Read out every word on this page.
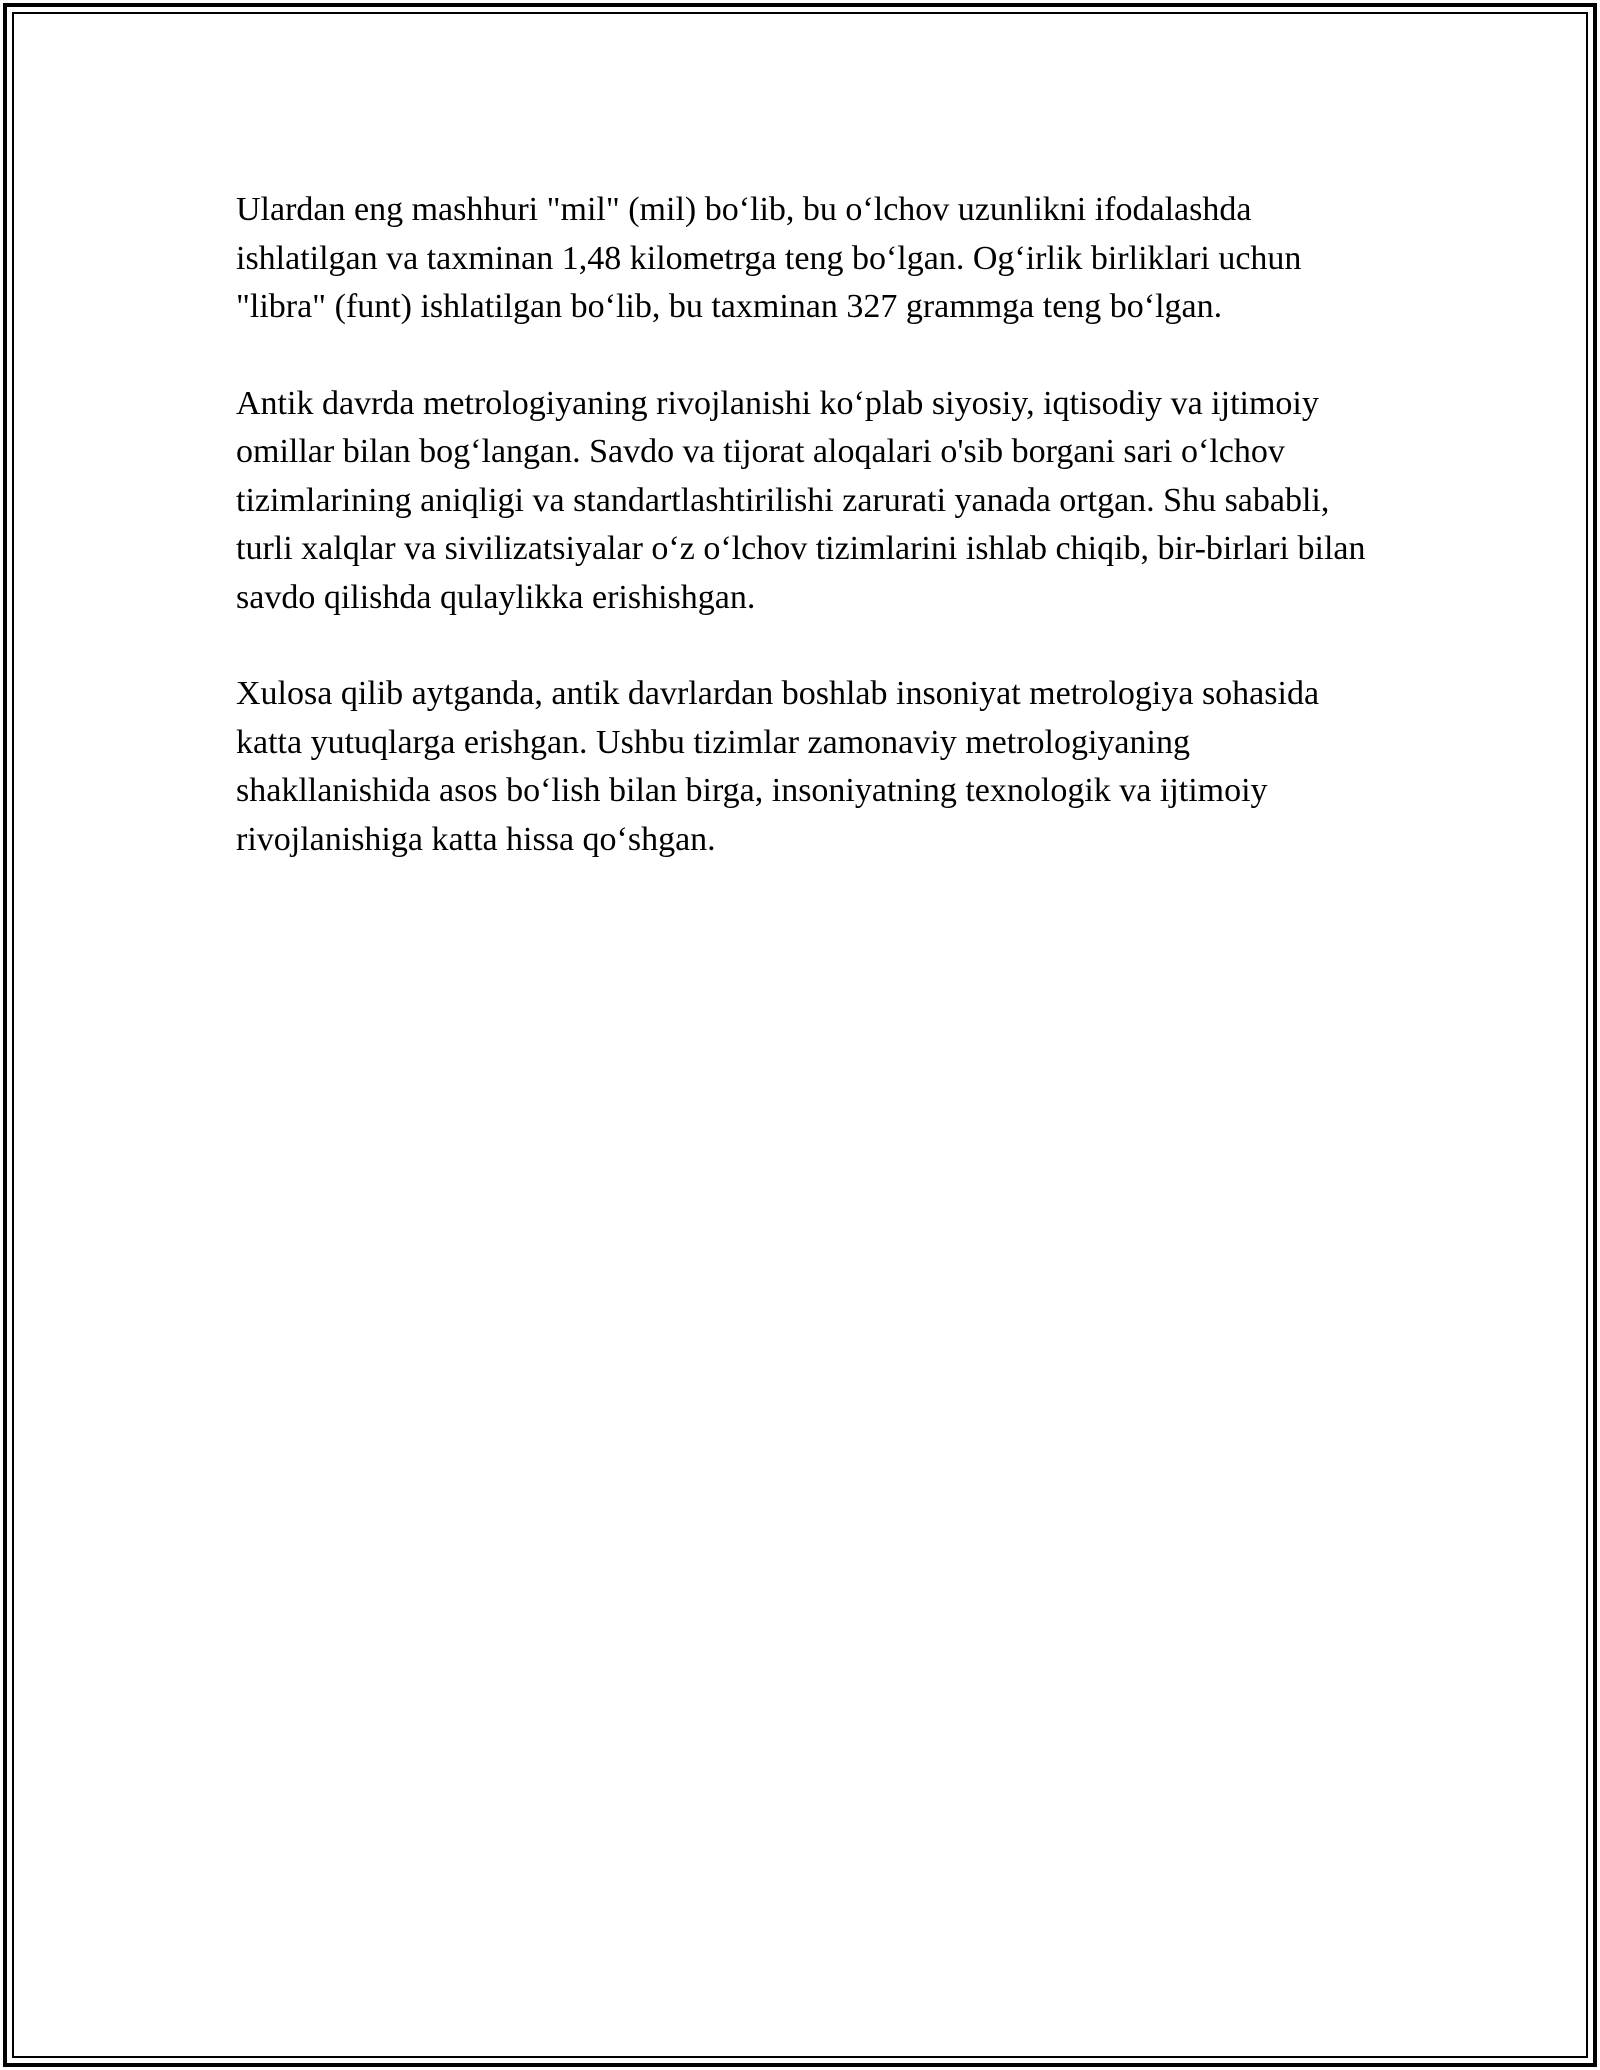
Ulardan eng mashhuri "mil" (mil) bo‘lib, bu o‘lchov uzunlikni ifodalashda ishlatilgan va taxminan 1,48 kilometrga teng bo‘lgan. Og‘irlik birliklari uchun "libra" (funt) ishlatilgan bo‘lib, bu taxminan 327 grammga teng bo‘lgan.

Antik davrda metrologiyaning rivojlanishi ko‘plab siyosiy, iqtisodiy va ijtimoiy omillar bilan bog‘langan. Savdo va tijorat aloqalari o'sib borgani sari o‘lchov tizimlarining aniqligi va standartlashtirilishi zarurati yanada ortgan. Shu sababli, turli xalqlar va sivilizatsiyalar o‘z o‘lchov tizimlarini ishlab chiqib, bir-birlari bilan savdo qilishda qulaylikka erishishgan.

Xulosa qilib aytganda, antik davrlardan boshlab insoniyat metrologiya sohasida katta yutuqlarga erishgan. Ushbu tizimlar zamonaviy metrologiyaning shakllanishida asos bo‘lish bilan birga, insoniyatning texnologik va ijtimoiy rivojlanishiga katta hissa qo‘shgan.
